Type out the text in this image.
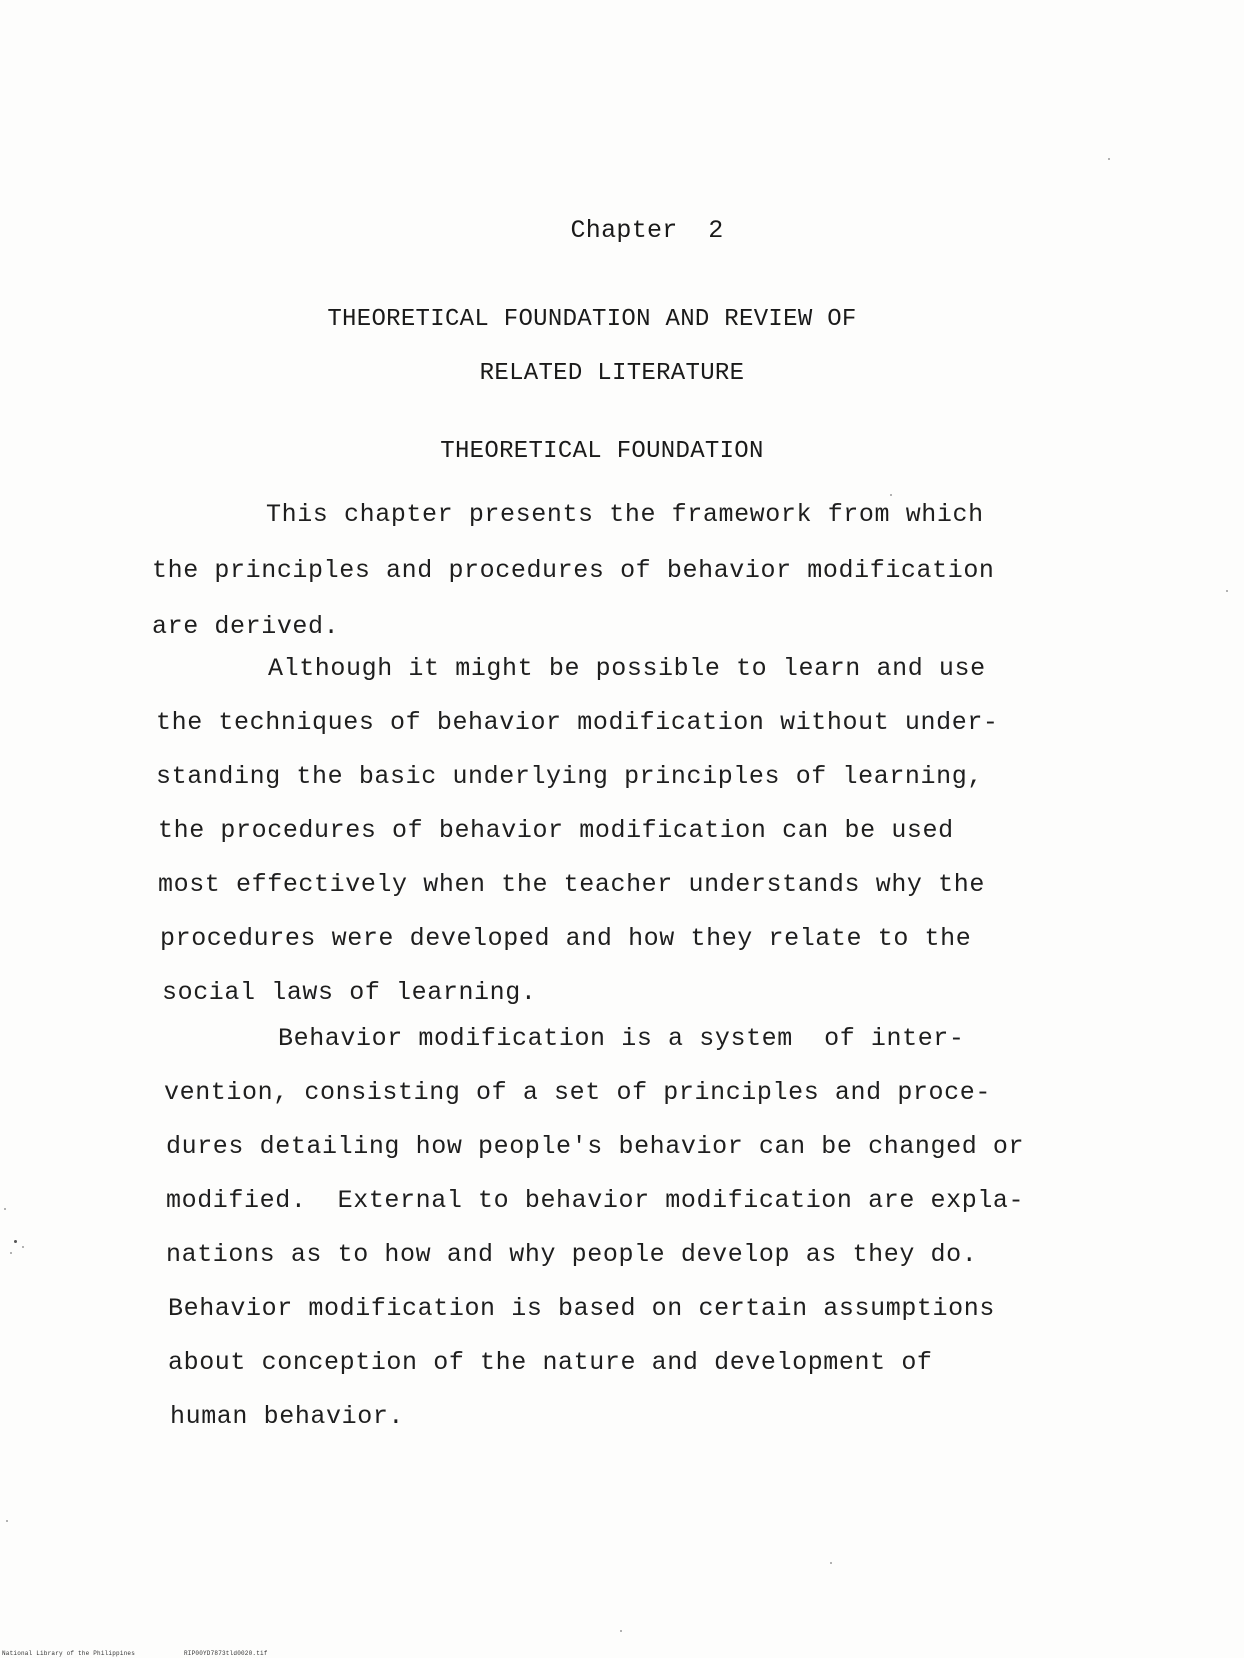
Chapter  2
THEORETICAL FOUNDATION AND REVIEW OF
RELATED LITERATURE
THEORETICAL FOUNDATION
This chapter presents the framework from which
the principles and procedures of behavior modification
are derived.
Although it might be possible to learn and use
the techniques of behavior modification without under-
standing the basic underlying principles of learning,
the procedures of behavior modification can be used
most effectively when the teacher understands why the
procedures were developed and how they relate to the
social laws of learning.
Behavior modification is a system  of inter-
vention, consisting of a set of principles and proce-
dures detailing how people's behavior can be changed or
modified.  External to behavior modification are expla-
nations as to how and why people develop as they do.
Behavior modification is based on certain assumptions
about conception of the nature and development of
human behavior.
National Library of the Philippines	RIP00YD7873tld0020.tif
